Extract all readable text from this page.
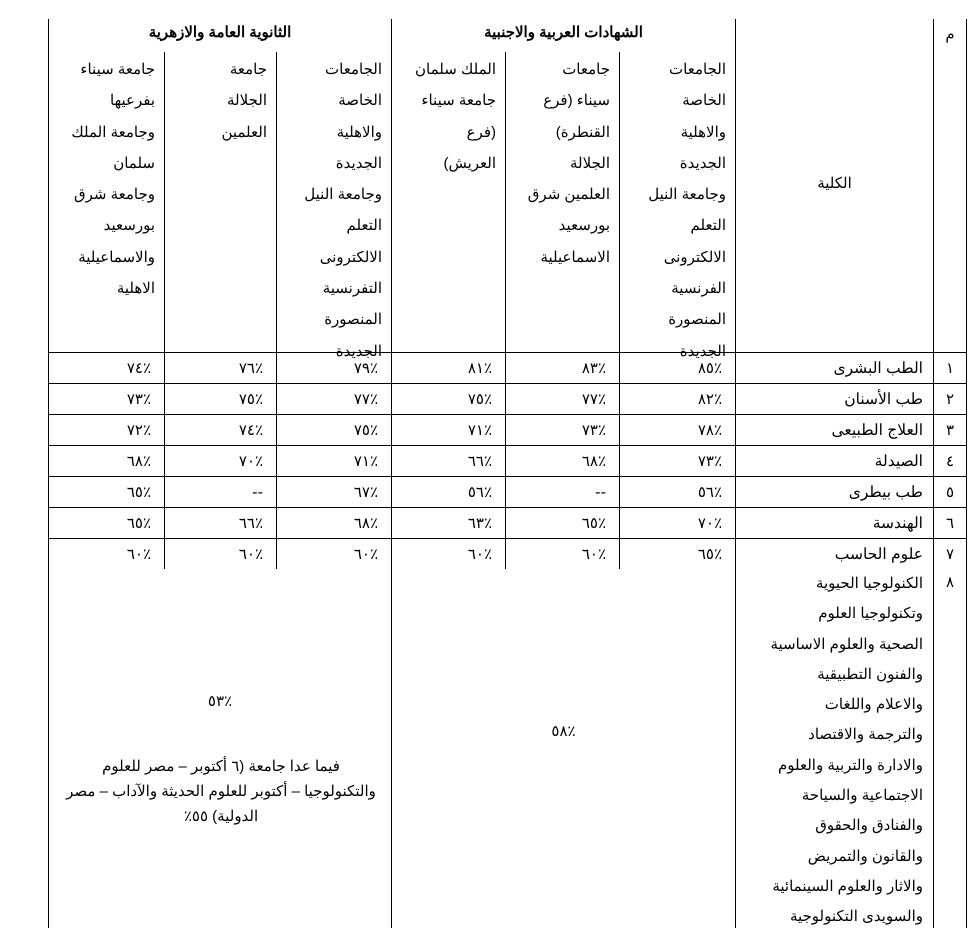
م
الكلية
الشهادات العربية والاجنبية
الثانوية العامة والازهرية
الجامعات
الخاصة
والاهلية
الجديدة
وجامعة النيل
التعلم
الالكترونى
الفرنسية
المنصورة
الجديدة
جامعات
سيناء (فرع
القنطرة)
الجلالة
العلمين شرق
بورسعيد
الاسماعيلية
الملك سلمان
جامعة سيناء
(فرع
العريش)
الجامعات
الخاصة
والاهلية
الجديدة
وجامعة النيل
التعلم
الالكترونى
التفرنسية
المنصورة
الجديدة
جامعة
الجلالة
العلمين
جامعة سيناء
بفرعيها
وجامعة الملك
سلمان
وجامعة شرق
بورسعيد
والاسماعيلية
الاهلية
١
الطب البشرى
٪٨٥
٪٨٣
٪٨١
٪٧٩
٪٧٦
٪٧٤
٢
طب الأسنان
٪٨٢
٪٧٧
٪٧٥
٪٧٧
٪٧٥
٪٧٣
٣
العلاج الطبيعى
٪٧٨
٪٧٣
٪٧١
٪٧٥
٪٧٤
٪٧٢
٤
الصيدلة
٪٧٣
٪٦٨
٪٦٦
٪٧١
٪٧٠
٪٦٨
٥
طب بيطرى
٪٥٦
--
٪٥٦
٪٦٧
--
٪٦٥
٦
الهندسة
٪٧٠
٪٦٥
٪٦٣
٪٦٨
٪٦٦
٪٦٥
٧
علوم الحاسب
٪٦٥
٪٦٠
٪٦٠
٪٦٠
٪٦٠
٪٦٠
٨
الكنولوجيا الحيوية
وتكنولوجيا العلوم
الصحية والعلوم الاساسية
والفنون التطبيقية
والاعلام واللغات
والترجمة والاقتصاد
والادارة والتربية والعلوم
الاجتماعية والسياحة
والفنادق والحقوق
والقانون والتمريض
والاثار والعلوم السينمائية
والسويدى التكنولوجية
٪٥٨
٪٥٣
فيما عدا جامعة (٦ أكتوبر – مصر للعلوم والتكنولوجيا – أكتوبر للعلوم الحديثة والآداب – مصر الدولية) ٥٥٪
